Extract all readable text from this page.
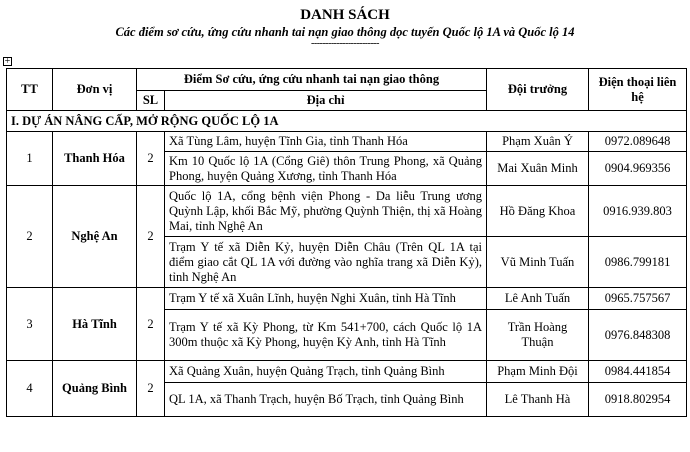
DANH SÁCH
Các điểm sơ cứu, ứng cứu nhanh tai nạn giao thông dọc tuyến Quốc lộ 1A và Quốc lộ 14
------------------------
+
TT	Đơn vị	Điểm Sơ cứu, ứng cứu nhanh tai nạn giao thông		Đội trưởng	Điện thoại liên hệ
		SL	Địa chỉ		
I. DỰ ÁN NÂNG CẤP, MỞ RỘNG QUỐC LỘ 1A					
1	Thanh Hóa	2	Xã Tùng Lâm, huyện Tĩnh Gia, tỉnh Thanh Hóa	Phạm Xuân Ý	0972.089648
			Km 10 Quốc lộ 1A (Cổng Giê) thôn Trung Phong, xã Quảng Phong, huyện Quảng Xương, tỉnh Thanh Hóa	Mai Xuân Minh	0904.969356
2	Nghệ An	2	Quốc lộ 1A, cổng bệnh viện Phong - Da liễu Trung ương Quỳnh Lập, khối Bắc Mỹ, phường Quỳnh Thiện, thị xã Hoàng Mai, tỉnh Nghệ An	Hồ Đăng Khoa	0916.939.803
			Trạm Y tế xã Diễn Kỷ, huyện Diễn Châu (Trên QL 1A tại điểm giao cắt QL 1A với đường vào nghĩa trang xã Diễn Kỷ), tỉnh Nghệ An	Vũ Minh Tuấn	0986.799181
3	Hà Tĩnh	2	Trạm Y tế xã Xuân Lĩnh, huyện Nghi Xuân, tỉnh Hà Tĩnh	Lê Anh Tuấn	0965.757567
			Trạm Y tế xã Kỳ Phong, từ Km 541+700, cách Quốc lộ 1A 300m thuộc xã Kỳ Phong, huyện Kỳ Anh, tỉnh Hà Tĩnh	Trần Hoàng Thuận	0976.848308
4	Quảng Bình	2	Xã Quảng Xuân, huyện Quảng Trạch, tỉnh Quảng Bình	Phạm Minh Đội	0984.441854
			QL 1A, xã Thanh Trạch, huyện Bố Trạch, tỉnh Quảng Bình	Lê Thanh Hà	0918.802954
